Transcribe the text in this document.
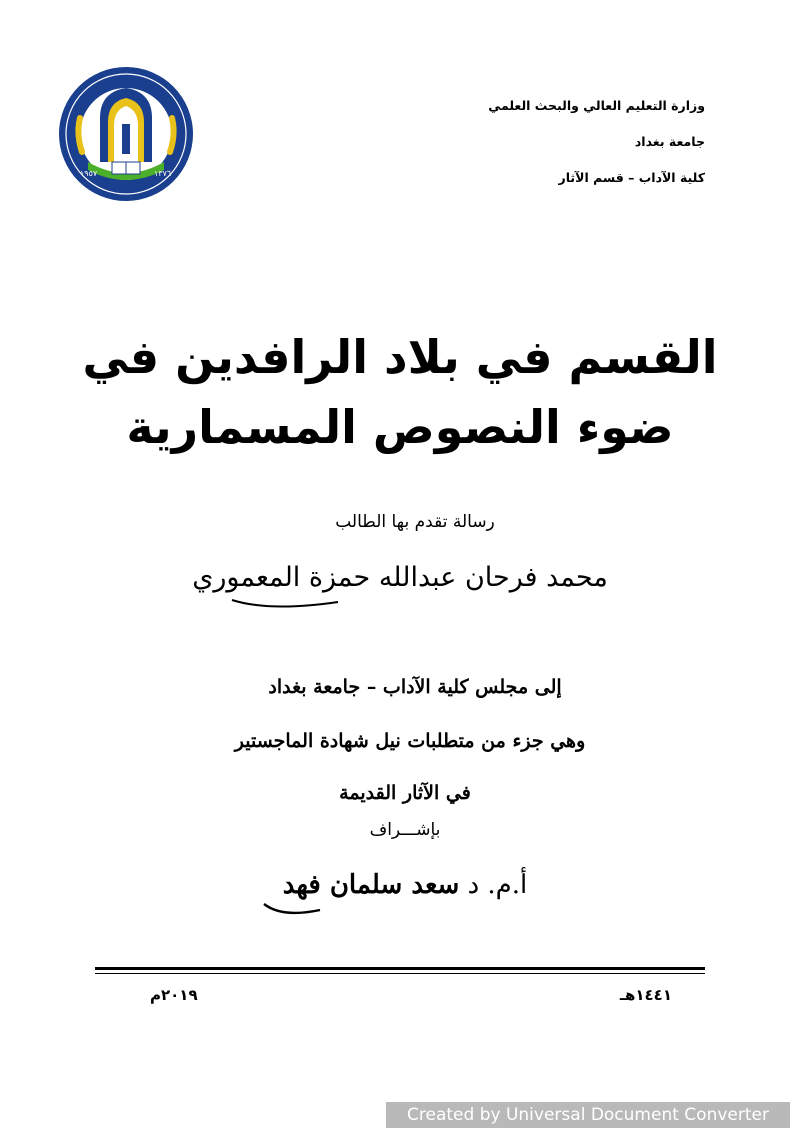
وزارة التعليم العالي والبحث العلمي
جامعة بغداد
كلية الآداب – قسم الآثار
١٩٥٧	١٣٧٦
القسم في بلاد الرافدين في
ضوء النصوص المسمارية
رسالة تقدم بها الطالب
محمد فرحان عبدالله حمزة المعموري
إلى مجلس كلية الآداب – جامعة بغداد
وهي جزء من متطلبات نيل شهادة الماجستير
في الآثار القديمة
بإشـــراف
أ.م. د سعد سلمان فهد
١٤٤١هـ
٢٠١٩م
Created by Universal Document Converter
